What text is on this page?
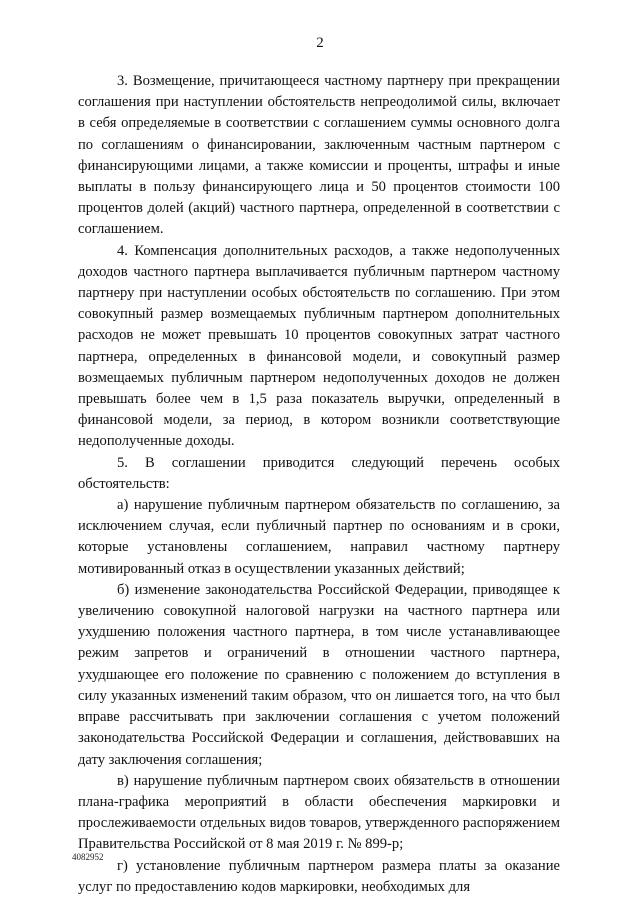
2

3. Возмещение, причитающееся частному партнеру при прекращении соглашения при наступлении обстоятельств непреодолимой силы, включает в себя определяемые в соответствии с соглашением суммы основного долга по соглашениям о финансировании, заключенным частным партнером с финансирующими лицами, а также комиссии и проценты, штрафы и иные выплаты в пользу финансирующего лица и 50 процентов стоимости 100 процентов долей (акций) частного партнера, определенной в соответствии с соглашением.

4. Компенсация дополнительных расходов, а также недополученных доходов частного партнера выплачивается публичным партнером частному партнеру при наступлении особых обстоятельств по соглашению. При этом совокупный размер возмещаемых публичным партнером дополнительных расходов не может превышать 10 процентов совокупных затрат частного партнера, определенных в финансовой модели, и совокупный размер возмещаемых публичным партнером недополученных доходов не должен превышать более чем в 1,5 раза показатель выручки, определенный в финансовой модели, за период, в котором возникли соответствующие недополученные доходы.

5. В соглашении приводится следующий перечень особых обстоятельств:

а) нарушение публичным партнером обязательств по соглашению, за исключением случая, если публичный партнер по основаниям и в сроки, которые установлены соглашением, направил частному партнеру мотивированный отказ в осуществлении указанных действий;

б) изменение законодательства Российской Федерации, приводящее к увеличению совокупной налоговой нагрузки на частного партнера или ухудшению положения частного партнера, в том числе устанавливающее режим запретов и ограничений в отношении частного партнера, ухудшающее его положение по сравнению с положением до вступления в силу указанных изменений таким образом, что он лишается того, на что был вправе рассчитывать при заключении соглашения с учетом положений законодательства Российской Федерации и соглашения, действовавших на дату заключения соглашения;

в) нарушение публичным партнером своих обязательств в отношении плана-графика мероприятий в области обеспечения маркировки и прослеживаемости отдельных видов товаров, утвержденного распоряжением Правительства Российской от 8 мая 2019 г. № 899-р;

г) установление публичным партнером размера платы за оказание услуг по предоставлению кодов маркировки, необходимых для

4082952
